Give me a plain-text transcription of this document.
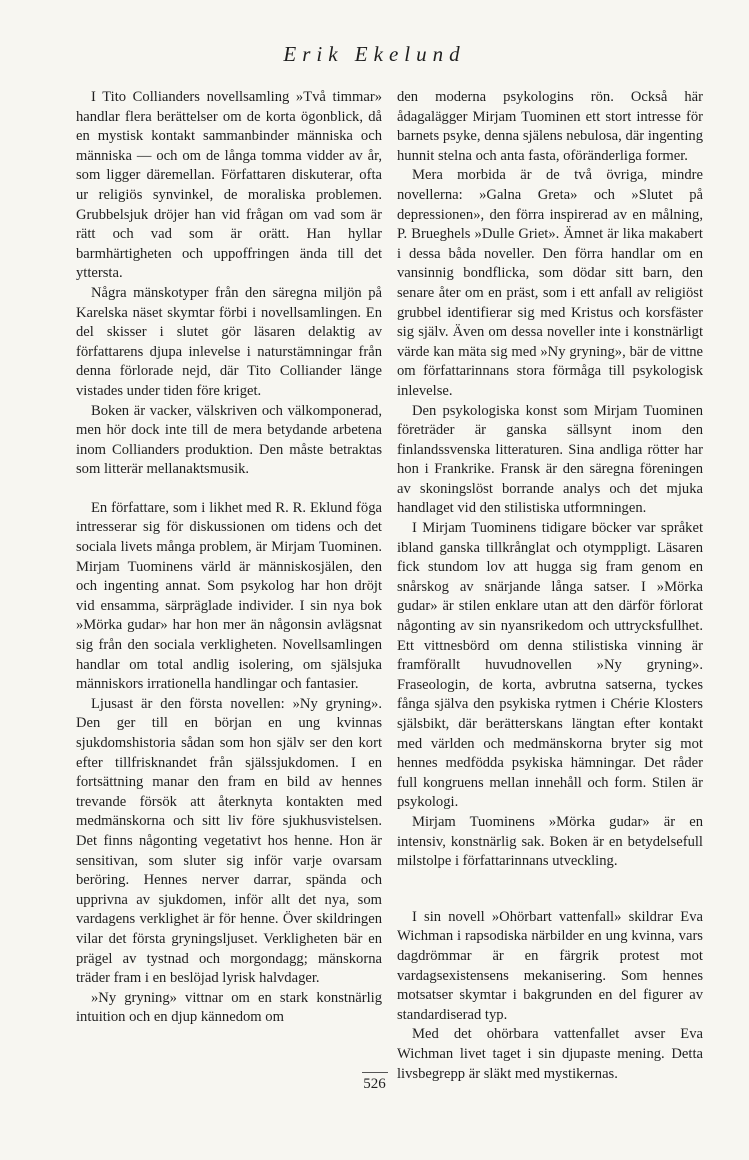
Erik Ekelund

I Tito Collianders novellsamling »Två timmar» handlar flera berättelser om de korta ögonblick, då en mystisk kontakt sammanbinder människa och människa — och om de långa tomma vidder av år, som ligger däremellan. Författaren diskuterar, ofta ur religiös synvinkel, de moraliska problemen. Grubbelsjuk dröjer han vid frågan om vad som är rätt och vad som är orätt. Han hyllar barmhärtigheten och uppoffringen ända till det yttersta.

Några mänskotyper från den säregna miljön på Karelska näset skymtar förbi i novellsamlingen. En del skisser i slutet gör läsaren delaktig av författarens djupa inlevelse i naturstämningar från denna förlorade nejd, där Tito Colliander länge vistades under tiden före kriget.

Boken är vacker, välskriven och välkomponerad, men hör dock inte till de mera betydande arbetena inom Collianders produktion. Den måste betraktas som litterär mellanaktsmusik.

En författare, som i likhet med R. R. Eklund föga intresserar sig för diskussionen om tidens och det sociala livets många problem, är Mirjam Tuominen. Mirjam Tuominens värld är människosjälen, den och ingenting annat. Som psykolog har hon dröjt vid ensamma, särpräglade individer. I sin nya bok »Mörka gudar» har hon mer än någonsin avlägsnat sig från den sociala verkligheten. Novellsamlingen handlar om total andlig isolering, om själsjuka människors irrationella handlingar och fantasier.

Ljusast är den första novellen: »Ny gryning». Den ger till en början en ung kvinnas sjukdomshistoria sådan som hon själv ser den kort efter tillfrisknandet från själssjukdomen. I en fortsättning manar den fram en bild av hennes trevande försök att återknyta kontakten med medmänskorna och sitt liv före sjukhusvistelsen. Det finns någonting vegetativt hos henne. Hon är sensitivan, som sluter sig inför varje ovarsam beröring. Hennes nerver darrar, spända och upprivna av sjukdomen, inför allt det nya, som vardagens verklighet är för henne. Över skildringen vilar det första gryningsljuset. Verkligheten bär en prägel av tystnad och morgondagg; mänskorna träder fram i en beslöjad lyrisk halvdager.

»Ny gryning» vittnar om en stark konstnärlig intuition och en djup kännedom om

den moderna psykologins rön. Också här ådagalägger Mirjam Tuominen ett stort intresse för barnets psyke, denna själens nebulosa, där ingenting hunnit stelna och anta fasta, oföränderliga former.

Mera morbida är de två övriga, mindre novellerna: »Galna Greta» och »Slutet på depressionen», den förra inspirerad av en målning, P. Brueghels »Dulle Griet». Ämnet är lika makabert i dessa båda noveller. Den förra handlar om en vansinnig bondflicka, som dödar sitt barn, den senare åter om en präst, som i ett anfall av religiöst grubbel identifierar sig med Kristus och korsfäster sig själv. Även om dessa noveller inte i konstnärligt värde kan mäta sig med »Ny gryning», bär de vittne om författarinnans stora förmåga till psykologisk inlevelse.

Den psykologiska konst som Mirjam Tuominen företräder är ganska sällsynt inom den finlandssvenska litteraturen. Sina andliga rötter har hon i Frankrike. Fransk är den säregna föreningen av skoningslöst borrande analys och det mjuka handlaget vid den stilistiska utformningen.

I Mirjam Tuominens tidigare böcker var språket ibland ganska tillkrånglat och otymppligt. Läsaren fick stundom lov att hugga sig fram genom en snårskog av snärjande långa satser. I »Mörka gudar» är stilen enklare utan att den därför förlorat någonting av sin nyansrikedom och uttrycksfullhet. Ett vittnesbörd om denna stilistiska vinning är framförallt huvudnovellen »Ny gryning». Fraseologin, de korta, avbrutna satserna, tyckes fånga själva den psykiska rytmen i Chérie Klosters själsbikt, där berätterskans längtan efter kontakt med världen och medmänskorna bryter sig mot hennes medfödda psykiska hämningar. Det råder full kongruens mellan innehåll och form. Stilen är psykologi.

Mirjam Tuominens »Mörka gudar» är en intensiv, konstnärlig sak. Boken är en betydelsefull milstolpe i författarinnans utveckling.

I sin novell »Ohörbart vattenfall» skildrar Eva Wichman i rapsodiska närbilder en ung kvinna, vars dagdrömmar är en färgrik protest mot vardagsexistensens mekanisering. Som hennes motsatser skymtar i bakgrunden en del figurer av standardiserad typ.

Med det ohörbara vattenfallet avser Eva Wichman livet taget i sin djupaste mening. Detta livsbegrepp är släkt med mystikernas.

526
